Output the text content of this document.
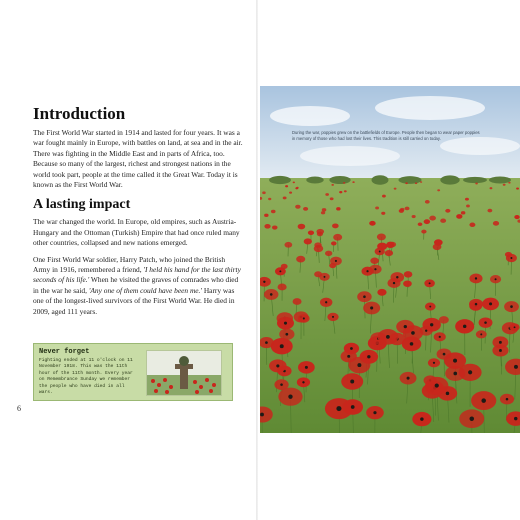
Introduction

The First World War started in 1914 and lasted for four years. It was a war fought mainly in Europe, with battles on land, at sea and in the air. There was fighting in the Middle East and in parts of Africa, too. Because so many of the largest, richest and strongest nations in the world took part, people at the time called it the Great War. Today it is known as the First World War.

A lasting impact

The war changed the world. In Europe, old empires, such as Austria-Hungary and the Ottoman (Turkish) Empire that had once ruled many other countries, collapsed and new nations emerged.

One First World War soldier, Harry Patch, who joined the British Army in 1916, remembered a friend, 'I held his hand for the last thirty seconds of his life.' When he visited the graves of comrades who died in the war he said, 'Any one of them could have been me.' Harry was one of the longest-lived survivors of the First World War. He died in 2009, aged 111 years.

Never forget
Fighting ended at 11 o'clock on 11 November 1918. This was the 11th hour of the 11th month. Every year on Remembrance Sunday we remember the people who have died in all wars.
6
During the war, poppies grew on the battlefields of Europe. People then began to wear paper poppies in memory of those who had lost their lives. This tradition is still carried on today.
